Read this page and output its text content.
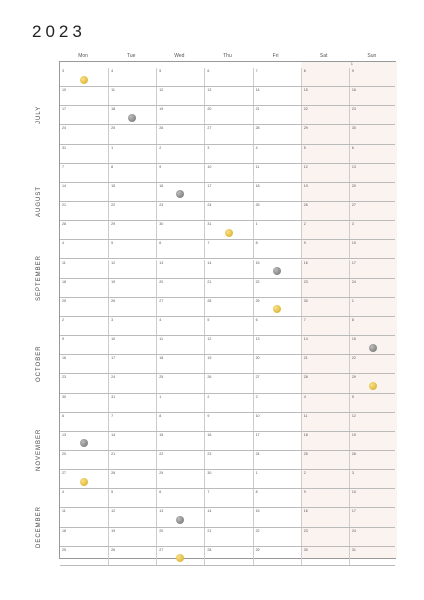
2023
Mon	Tue	Wed	Thu	Fri	Sat	Sun
1
3	4	5	6	7	8	9
10	11	12	13	14	15	16
17	18	19	20	21	22	23
24	25	26	27	28	29	30
31	1	2	3	4	5	6
7	8	9	10	11	12	13
14	15	16	17	18	19	20
21	22	23	24	25	26	27
28	29	30	31	1	2	3
4	5	6	7	8	9	10
11	12	13	14	15	16	17
18	19	20	21	22	23	24
25	26	27	28	29	30	1
2	3	4	5	6	7	8
9	10	11	12	13	14	15
16	17	18	19	20	21	22
23	24	25	26	27	28	29
30	31	1	2	3	4	5
6	7	8	9	10	11	12
13	14	15	16	17	18	19
20	21	22	23	24	25	26
27	28	29	30	1	2	3
4	5	6	7	8	9	10
11	12	13	14	15	16	17
18	19	20	21	22	23	24
25	26	27	28	29	30	31
JULY
AUGUST
SEPTEMBER
OCTOBER
NOVEMBER
DECEMBER
